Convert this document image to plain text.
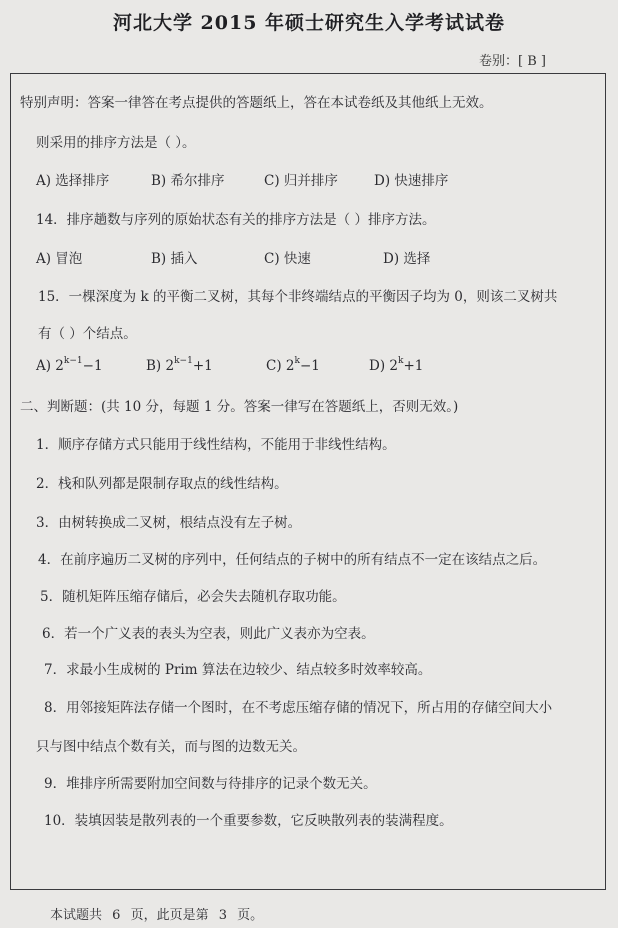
河北大学 2015 年硕士研究生入学考试试卷
卷别：[ B ]
特别声明：答案一律答在考点提供的答题纸上，答在本试卷纸及其他纸上无效。
则采用的排序方法是（ ）。
A) 选择排序	B) 希尔排序	C) 归并排序	D) 快速排序
14．排序趟数与序列的原始状态有关的排序方法是（ ）排序方法。
A) 冒泡	B) 插入	C) 快速	D) 选择
15．一棵深度为 k 的平衡二叉树，其每个非终端结点的平衡因子均为 0，则该二叉树共
有（ ）个结点。
A) $2^{k-1}-1$	B) $2^{k-1}+1$	C) $2^k-1$	D) $2^k+1$
二、判断题：(共 10 分，每题 1 分。答案一律写在答题纸上，否则无效。)
1．顺序存储方式只能用于线性结构，不能用于非线性结构。
2．栈和队列都是限制存取点的线性结构。
3．由树转换成二叉树，根结点没有左子树。
4．在前序遍历二叉树的序列中，任何结点的子树中的所有结点不一定在该结点之后。
5．随机矩阵压缩存储后，必会失去随机存取功能。
6．若一个广义表的表头为空表，则此广义表亦为空表。
7．求最小生成树的 Prim 算法在边较少、结点较多时效率较高。
8．用邻接矩阵法存储一个图时，在不考虑压缩存储的情况下，所占用的存储空间大小
只与图中结点个数有关，而与图的边数无关。
9．堆排序所需要附加空间数与待排序的记录个数无关。
10．装填因装是散列表的一个重要参数，它反映散列表的装满程度。
本试题共 6 页，此页是第 3 页。
